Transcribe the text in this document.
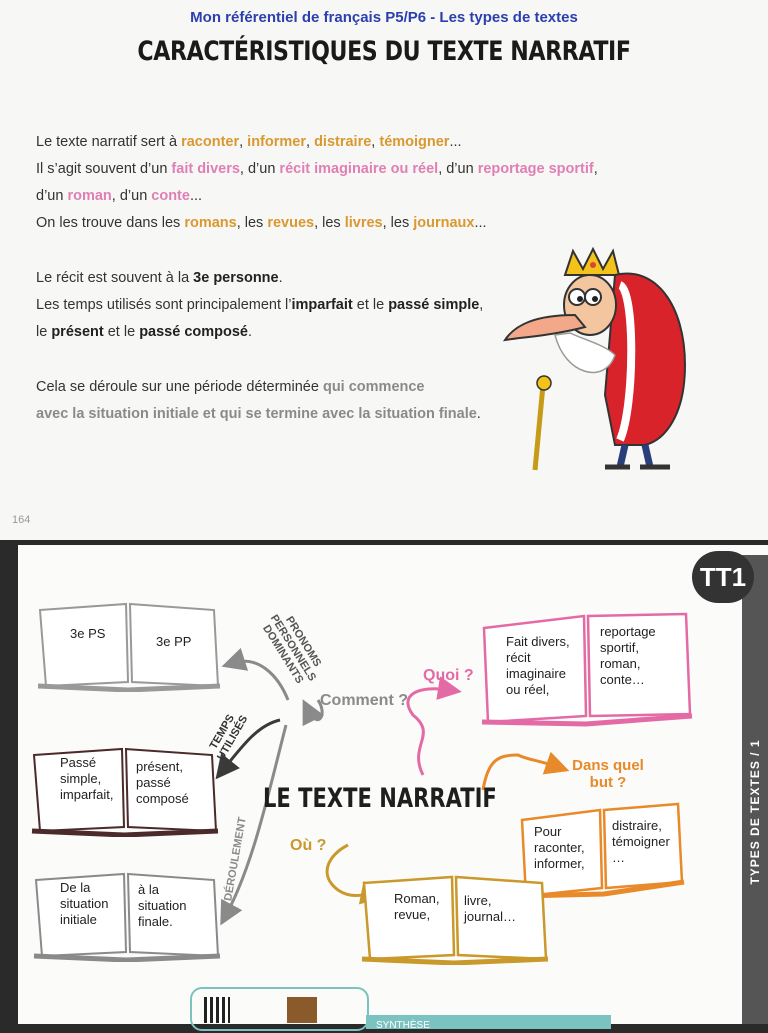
Mon référentiel de français P5/P6 - Les types de textes
CARACTÉRISTIQUES DU TEXTE NARRATIF
Le texte narratif sert à raconter, informer, distraire, témoigner...
Il s’agit souvent d’un fait divers, d’un récit imaginaire ou réel, d’un reportage sportif,
d’un roman, d’un conte...
On les trouve dans les romans, les revues, les livres, les journaux...
Le récit est souvent à la 3e personne.
Les temps utilisés sont principalement l’imparfait et le passé simple,
le présent et le passé composé.
Cela se déroule sur une période déterminée qui commence
avec la situation initiale et qui se termine avec la situation finale.
164
TYPES DE TEXTES / 1
TT1
PRONOMS PERSONNELS DOMINANTS
TEMPS UTILISÉS
DÉROULEMENT
Comment ?
Quoi ?
Dans quel but ?
Où ?
LE TEXTE NARRATIF
3e PS
3e PP
Passé simple, imparfait,
présent, passé composé
De la situation initiale
à la situation finale.
Fait divers, récit imaginaire ou réel,
reportage sportif, roman, conte…
Pour raconter, informer,
distraire, témoigner …
Roman, revue,
livre, journal…
SYNTHÈSE
